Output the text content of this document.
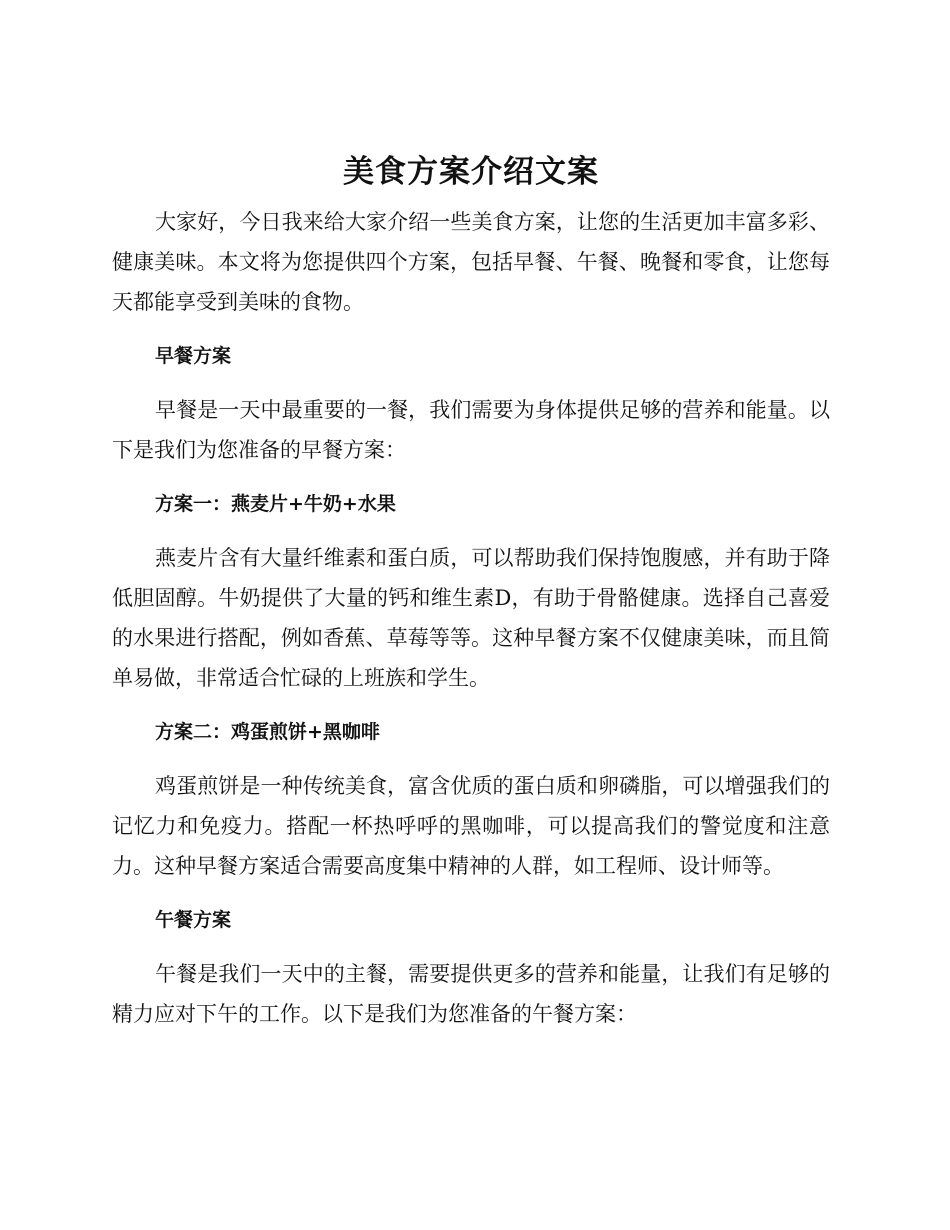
美食方案介绍文案

大家好，今日我来给大家介绍一些美食方案，让您的生活更加丰富多彩、健康美味。本文将为您提供四个方案，包括早餐、午餐、晚餐和零食，让您每天都能享受到美味的食物。

早餐方案

早餐是一天中最重要的一餐，我们需要为身体提供足够的营养和能量。以下是我们为您准备的早餐方案：

方案一：燕麦片+牛奶+水果

燕麦片含有大量纤维素和蛋白质，可以帮助我们保持饱腹感，并有助于降低胆固醇。牛奶提供了大量的钙和维生素D，有助于骨骼健康。选择自己喜爱的水果进行搭配，例如香蕉、草莓等等。这种早餐方案不仅健康美味，而且简单易做，非常适合忙碌的上班族和学生。

方案二：鸡蛋煎饼+黑咖啡

鸡蛋煎饼是一种传统美食，富含优质的蛋白质和卵磷脂，可以增强我们的记忆力和免疫力。搭配一杯热呼呼的黑咖啡，可以提高我们的警觉度和注意力。这种早餐方案适合需要高度集中精神的人群，如工程师、设计师等。

午餐方案

午餐是我们一天中的主餐，需要提供更多的营养和能量，让我们有足够的精力应对下午的工作。以下是我们为您准备的午餐方案：
